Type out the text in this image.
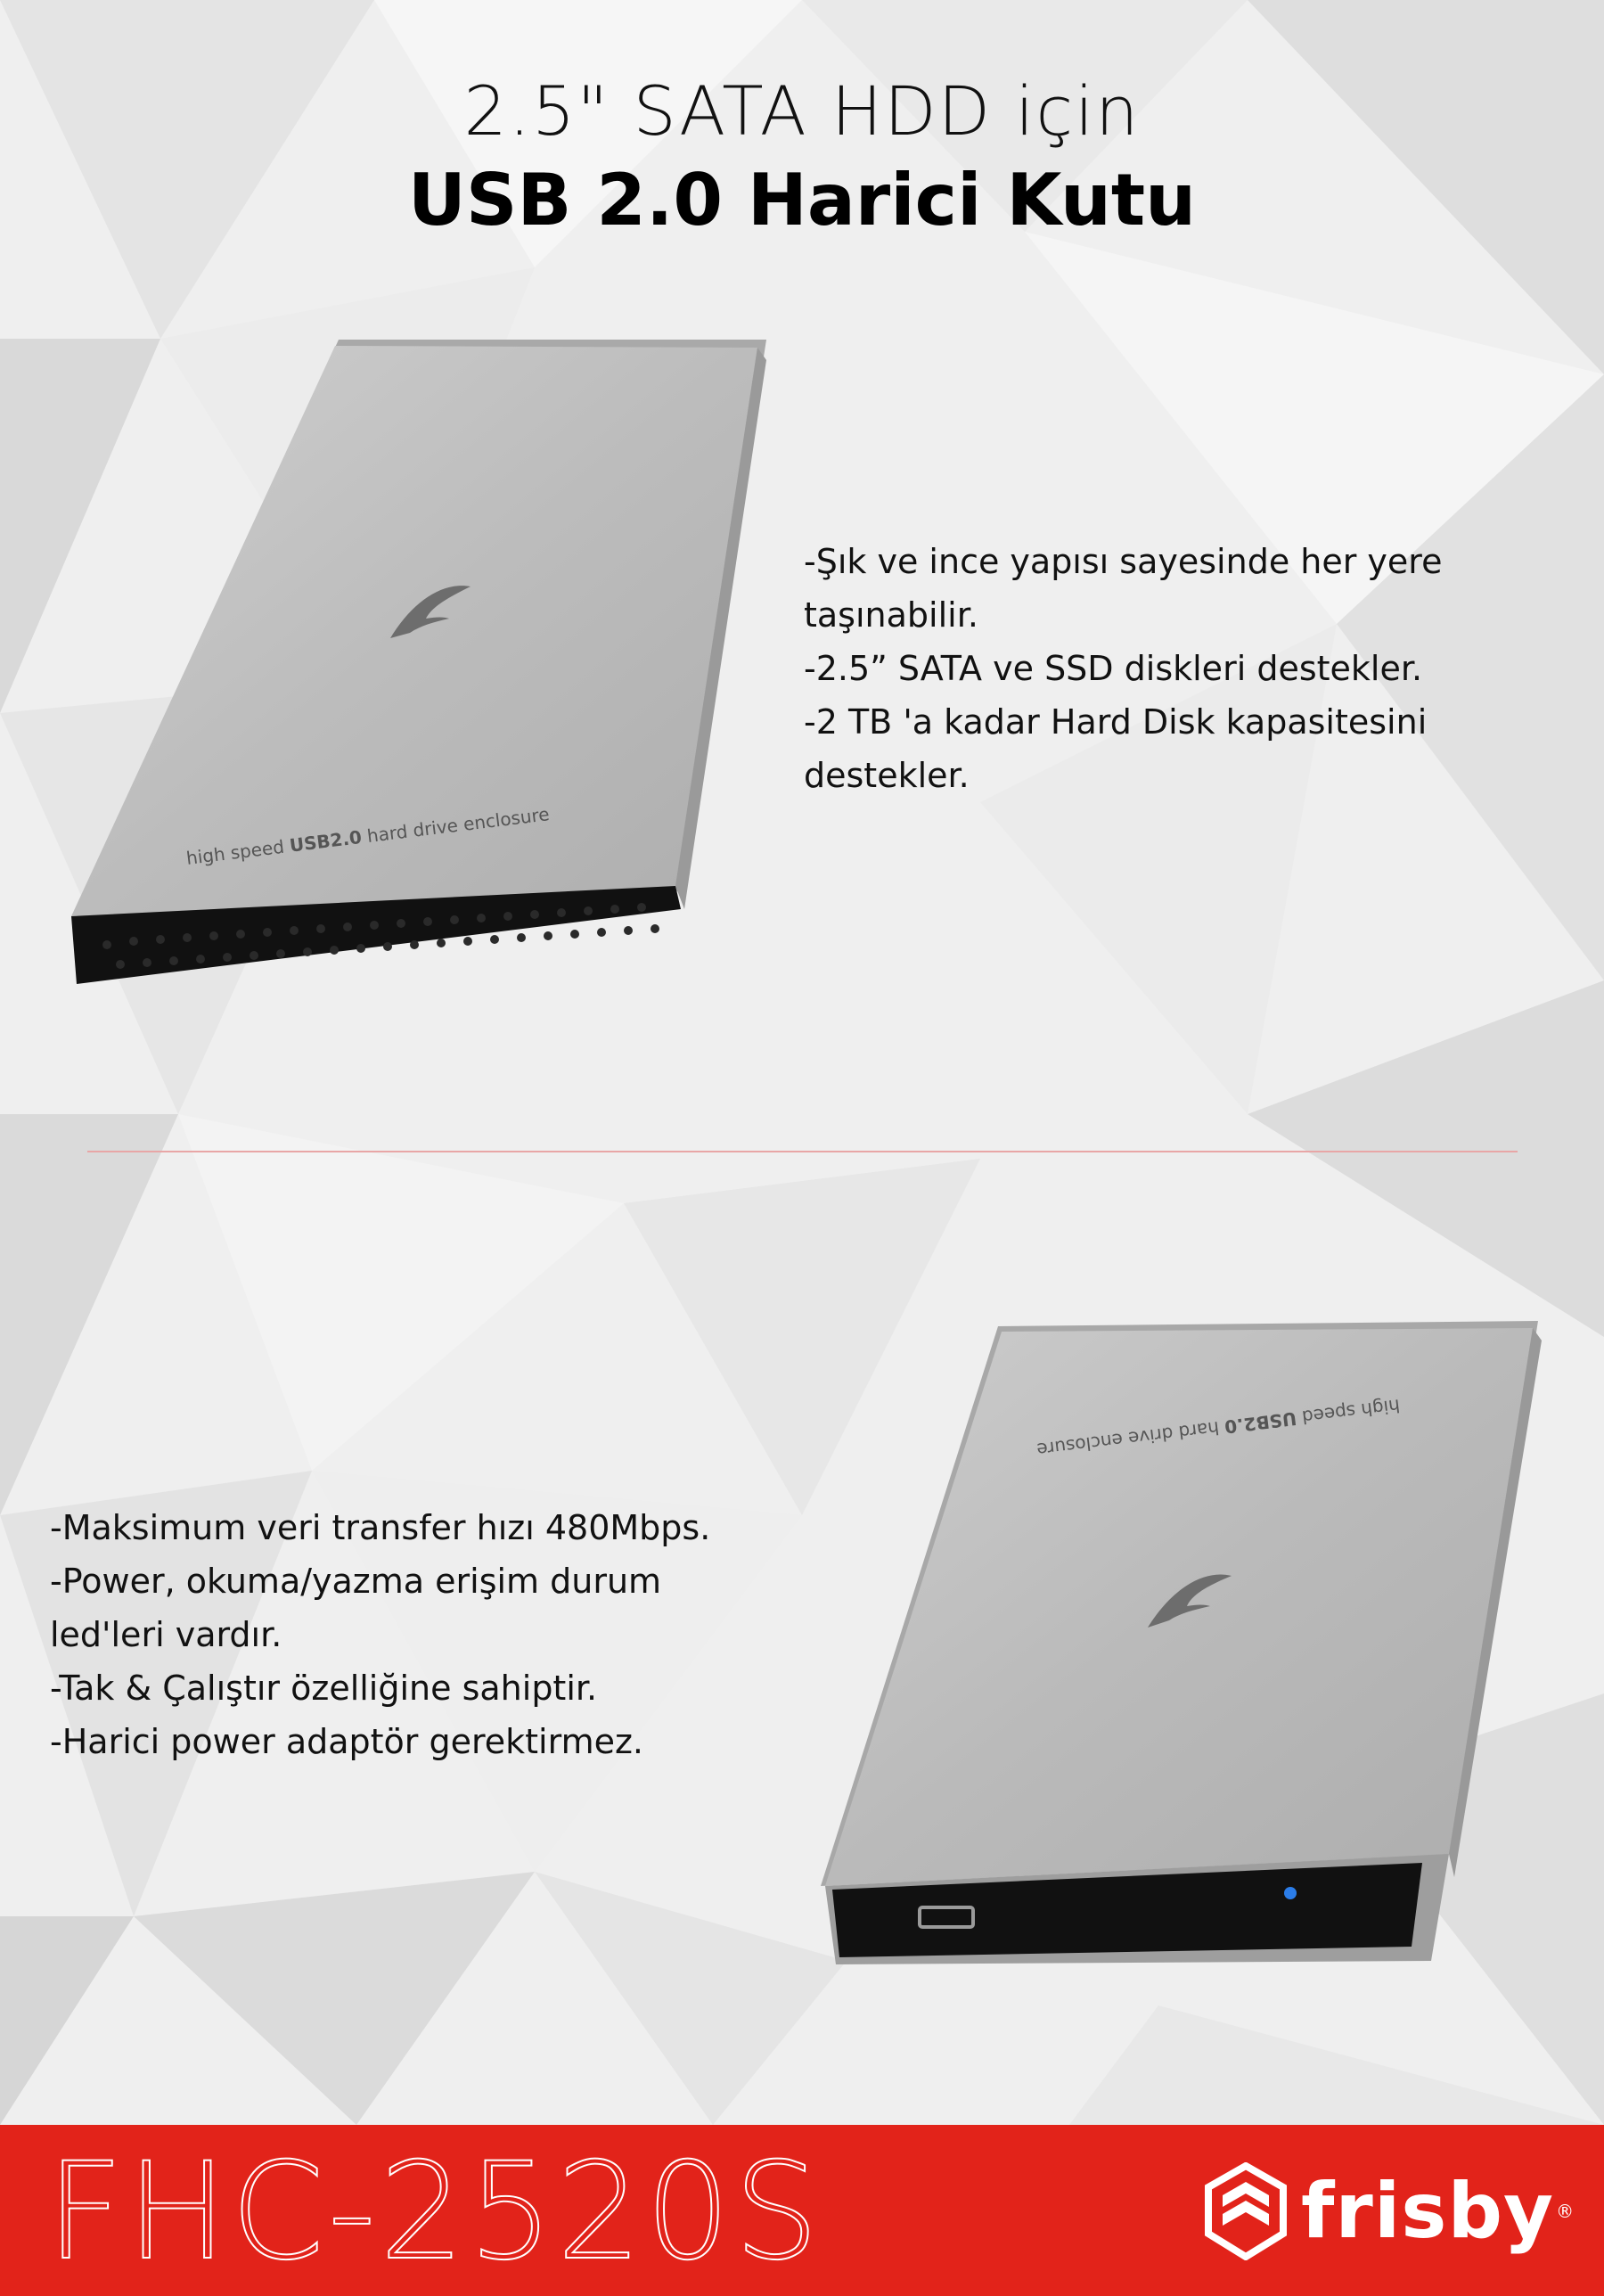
2.5" SATA HDD için
USB 2.0 Harici Kutu
high speed USB2.0 hard drive enclosure
-Şık ve ince yapısı sayesinde her yere
taşınabilir.
-2.5” SATA ve SSD diskleri destekler.
-2 TB 'a kadar Hard Disk kapasitesini
destekler.
-Maksimum veri transfer hızı 480Mbps.
-Power, okuma/yazma erişim durum
led'leri vardır.
-Tak & Çalıştır özelliğine sahiptir.
-Harici power adaptör gerektirmez.
high speed USB2.0 hard drive enclosure
FHC-2520S	frisby ®
